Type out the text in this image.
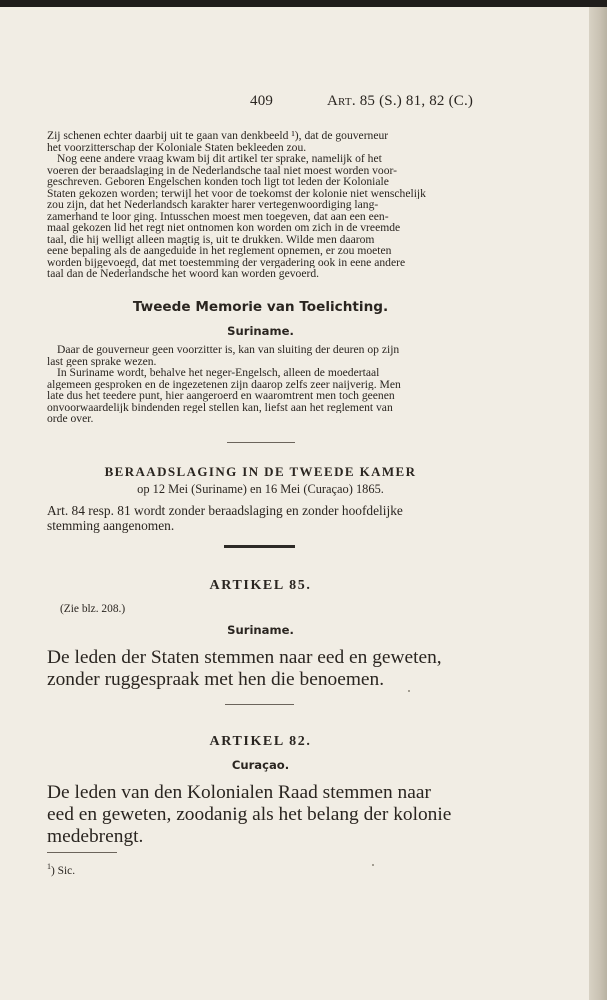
409	Art. 85 (S.) 81, 82 (C.)
Zij schenen echter daarbij uit te gaan van denkbeeld ¹), dat de gouverneur
het voorzitterschap der Koloniale Staten bekleeden zou.
Nog eene andere vraag kwam bij dit artikel ter sprake, namelijk of het
voeren der beraadslaging in de Nederlandsche taal niet moest worden voor-
geschreven. Geboren Engelschen konden toch ligt tot leden der Koloniale
Staten gekozen worden; terwijl het voor de toekomst der kolonie niet wenschelijk
zou zijn, dat het Nederlandsch karakter harer vertegenwoordiging lang-
zamerhand te loor ging. Intusschen moest men toegeven, dat aan een een-
maal gekozen lid het regt niet ontnomen kon worden om zich in de vreemde
taal, die hij welligt alleen magtig is, uit te drukken. Wilde men daarom
eene bepaling als de aangeduide in het reglement opnemen, er zou moeten
worden bijgevoegd, dat met toestemming der vergadering ook in eene andere
taal dan de Nederlandsche het woord kan worden gevoerd.
Tweede Memorie van Toelichting.
Suriname.
Daar de gouverneur geen voorzitter is, kan van sluiting der deuren op zijn
last geen sprake wezen.
In Suriname wordt, behalve het neger-Engelsch, alleen de moedertaal
algemeen gesproken en de ingezetenen zijn daarop zelfs zeer naijverig. Men
late dus het teedere punt, hier aangeroerd en waaromtrent men toch geenen
onvoorwaardelijk bindenden regel stellen kan, liefst aan het reglement van
orde over.
BERAADSLAGING IN DE TWEEDE KAMER
op 12 Mei (Suriname) en 16 Mei (Curaçao) 1865.
Art. 84 resp. 81 wordt zonder beraadslaging en zonder hoofdelijke
stemming aangenomen.
ARTIKEL 85.
(Zie blz. 208.)
Suriname.
De leden der Staten stemmen naar eed en geweten,
zonder ruggespraak met hen die benoemen.
ARTIKEL 82.
Curaçao.
De leden van den Kolonialen Raad stemmen naar
eed en geweten, zoodanig als het belang der kolonie
medebrengt.
$^1$) Sic.
